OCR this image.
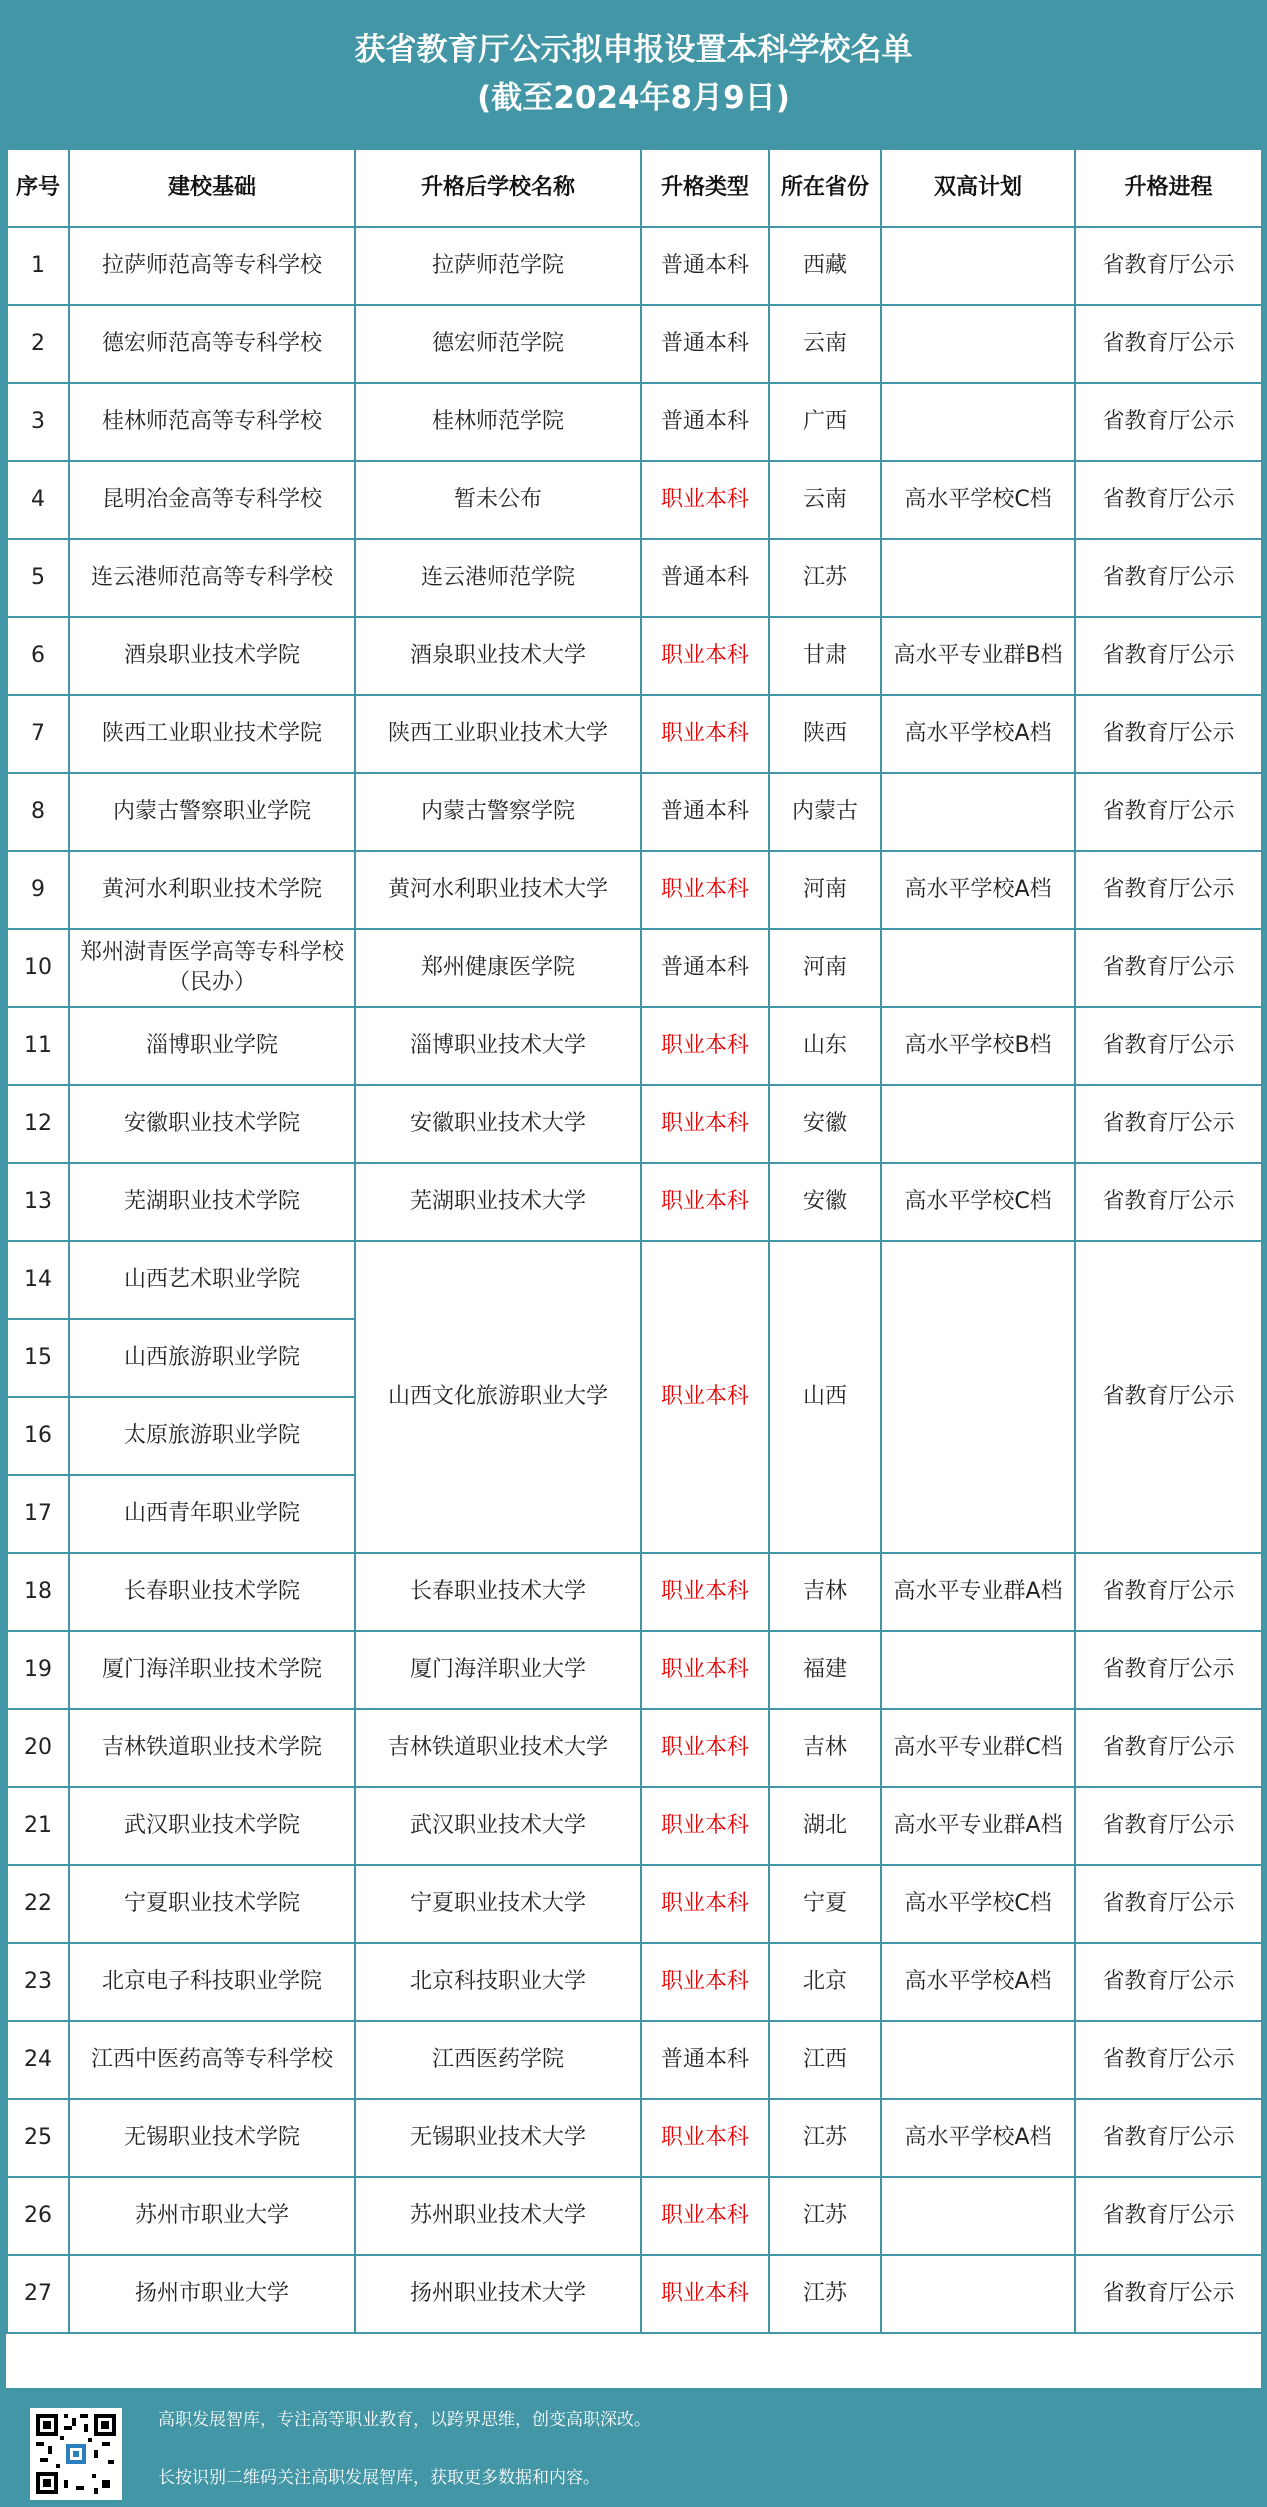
获省教育厅公示拟申报设置本科学校名单
(截至2024年8月9日)
序号	建校基础	升格后学校名称	升格类型	所在省份	双高计划	升格进程
1	拉萨师范高等专科学校	拉萨师范学院	普通本科	西藏		省教育厅公示
2	德宏师范高等专科学校	德宏师范学院	普通本科	云南		省教育厅公示
3	桂林师范高等专科学校	桂林师范学院	普通本科	广西		省教育厅公示
4	昆明冶金高等专科学校	暂未公布	职业本科	云南	高水平学校C档	省教育厅公示
5	连云港师范高等专科学校	连云港师范学院	普通本科	江苏		省教育厅公示
6	酒泉职业技术学院	酒泉职业技术大学	职业本科	甘肃	高水平专业群B档	省教育厅公示
7	陕西工业职业技术学院	陕西工业职业技术大学	职业本科	陕西	高水平学校A档	省教育厅公示
8	内蒙古警察职业学院	内蒙古警察学院	普通本科	内蒙古		省教育厅公示
9	黄河水利职业技术学院	黄河水利职业技术大学	职业本科	河南	高水平学校A档	省教育厅公示
10	郑州澍青医学高等专科学校（民办）	郑州健康医学院	普通本科	河南		省教育厅公示
11	淄博职业学院	淄博职业技术大学	职业本科	山东	高水平学校B档	省教育厅公示
12	安徽职业技术学院	安徽职业技术大学	职业本科	安徽		省教育厅公示
13	芜湖职业技术学院	芜湖职业技术大学	职业本科	安徽	高水平学校C档	省教育厅公示
14	山西艺术职业学院	山西文化旅游职业大学	职业本科	山西		省教育厅公示
15	山西旅游职业学院					
16	太原旅游职业学院					
17	山西青年职业学院					
18	长春职业技术学院	长春职业技术大学	职业本科	吉林	高水平专业群A档	省教育厅公示
19	厦门海洋职业技术学院	厦门海洋职业大学	职业本科	福建		省教育厅公示
20	吉林铁道职业技术学院	吉林铁道职业技术大学	职业本科	吉林	高水平专业群C档	省教育厅公示
21	武汉职业技术学院	武汉职业技术大学	职业本科	湖北	高水平专业群A档	省教育厅公示
22	宁夏职业技术学院	宁夏职业技术大学	职业本科	宁夏	高水平学校C档	省教育厅公示
23	北京电子科技职业学院	北京科技职业大学	职业本科	北京	高水平学校A档	省教育厅公示
24	江西中医药高等专科学校	江西医药学院	普通本科	江西		省教育厅公示
25	无锡职业技术学院	无锡职业技术大学	职业本科	江苏	高水平学校A档	省教育厅公示
26	苏州市职业大学	苏州职业技术大学	职业本科	江苏		省教育厅公示
27	扬州市职业大学	扬州职业技术大学	职业本科	江苏		省教育厅公示
高职发展智库，专注高等职业教育，以跨界思维，创变高职深改。
长按识别二维码关注高职发展智库，获取更多数据和内容。
